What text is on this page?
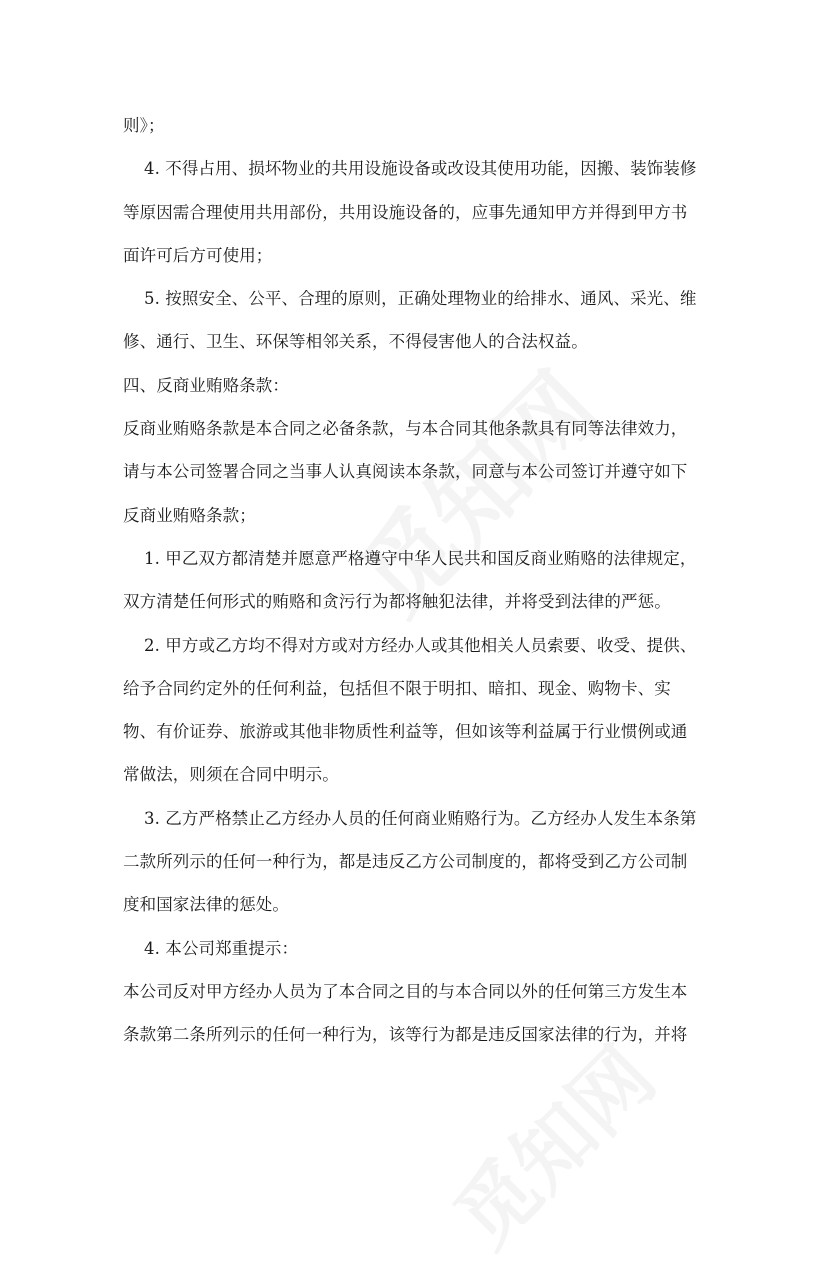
则》；
4. 不得占用、损坏物业的共用设施设备或改设其使用功能，因搬、装饰装修
等原因需合理使用共用部份，共用设施设备的，应事先通知甲方并得到甲方书
面许可后方可使用；
5. 按照安全、公平、合理的原则，正确处理物业的给排水、通风、采光、维
修、通行、卫生、环保等相邻关系，不得侵害他人的合法权益。
四、反商业贿赂条款：
反商业贿赂条款是本合同之必备条款，与本合同其他条款具有同等法律效力，
请与本公司签署合同之当事人认真阅读本条款，同意与本公司签订并遵守如下
反商业贿赂条款；
1. 甲乙双方都清楚并愿意严格遵守中华人民共和国反商业贿赂的法律规定，
双方清楚任何形式的贿赂和贪污行为都将触犯法律，并将受到法律的严惩。
2. 甲方或乙方均不得对方或对方经办人或其他相关人员索要、收受、提供、
给予合同约定外的任何利益，包括但不限于明扣、暗扣、现金、购物卡、实
物、有价证券、旅游或其他非物质性利益等，但如该等利益属于行业惯例或通
常做法，则须在合同中明示。
3. 乙方严格禁止乙方经办人员的任何商业贿赂行为。乙方经办人发生本条第
二款所列示的任何一种行为，都是违反乙方公司制度的，都将受到乙方公司制
度和国家法律的惩处。
4. 本公司郑重提示：
本公司反对甲方经办人员为了本合同之目的与本合同以外的任何第三方发生本
条款第二条所列示的任何一种行为，该等行为都是违反国家法律的行为，并将
